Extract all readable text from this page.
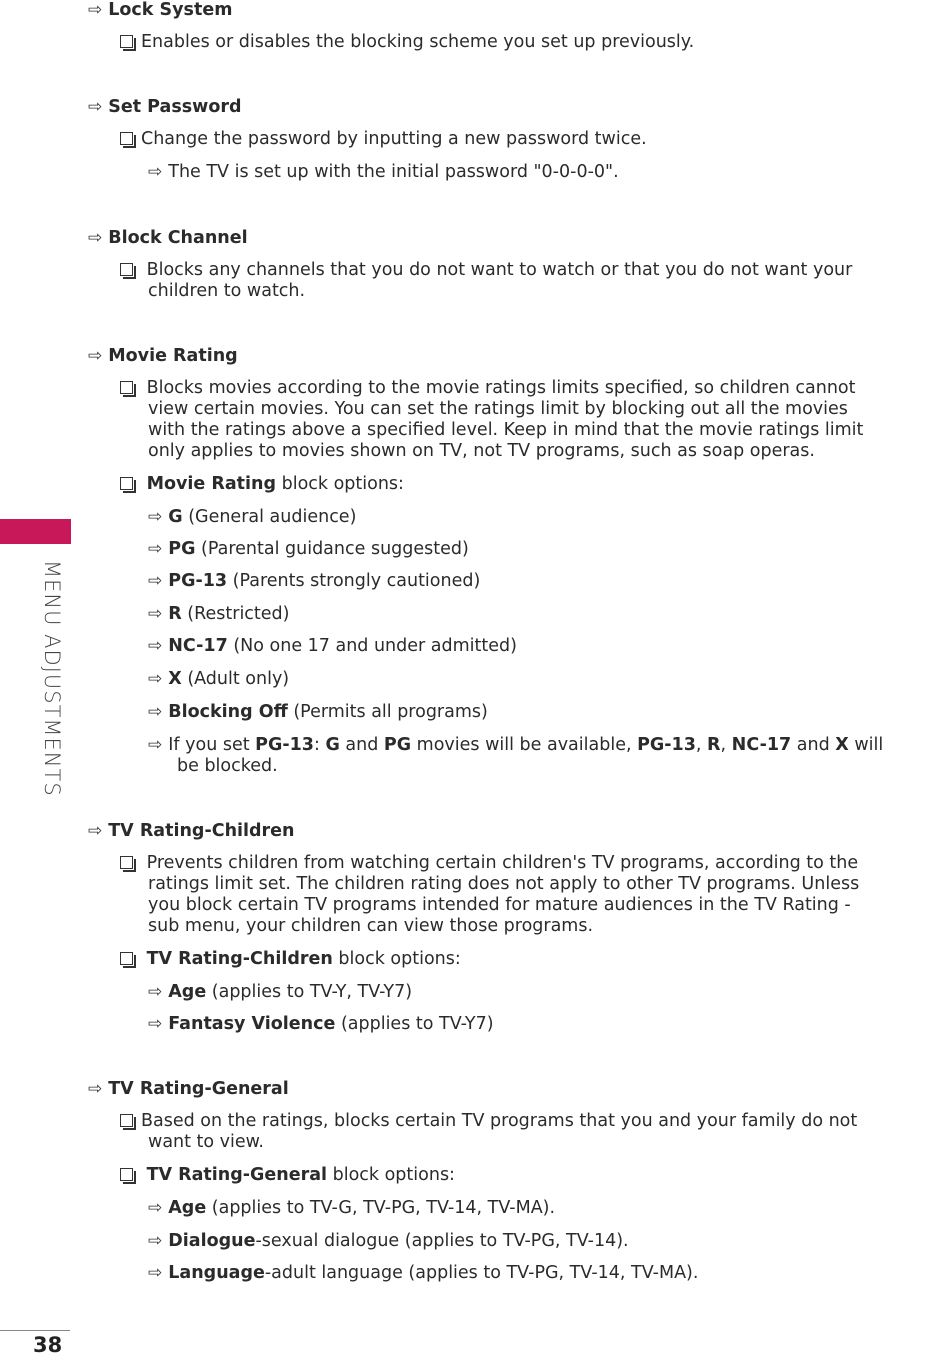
MENU ADJUSTMENTS
38
⇨ Lock System
Enables or disables the blocking scheme you set up previously.
⇨ Set Password
Change the password by inputting a new password twice.
⇨ The TV is set up with the initial password "0-0-0-0".
⇨ Block Channel
Blocks any channels that you do not want to watch or that you do not want your
children to watch.
⇨ Movie Rating
Blocks movies according to the movie ratings limits specified, so children cannot
view certain movies. You can set the ratings limit by blocking out all the movies
with the ratings above a specified level. Keep in mind that the movie ratings limit
only applies to movies shown on TV, not TV programs, such as soap operas.
Movie Rating block options:
⇨ G (General audience)
⇨ PG (Parental guidance suggested)
⇨ PG-13 (Parents strongly cautioned)
⇨ R (Restricted)
⇨ NC-17 (No one 17 and under admitted)
⇨ X (Adult only)
⇨ Blocking Off (Permits all programs)
⇨ If you set PG-13: G and PG movies will be available, PG-13, R, NC-17 and X will
be blocked.
⇨ TV Rating-Children
Prevents children from watching certain children's TV programs, according to the
ratings limit set. The children rating does not apply to other TV programs. Unless
you block certain TV programs intended for mature audiences in the TV Rating -
sub menu, your children can view those programs.
TV Rating-Children block options:
⇨ Age (applies to TV-Y, TV-Y7)
⇨ Fantasy Violence (applies to TV-Y7)
⇨ TV Rating-General
Based on the ratings, blocks certain TV programs that you and your family do not
want to view.
TV Rating-General block options:
⇨ Age (applies to TV-G, TV-PG, TV-14, TV-MA).
⇨ Dialogue-sexual dialogue (applies to TV-PG, TV-14).
⇨ Language-adult language (applies to TV-PG, TV-14, TV-MA).
